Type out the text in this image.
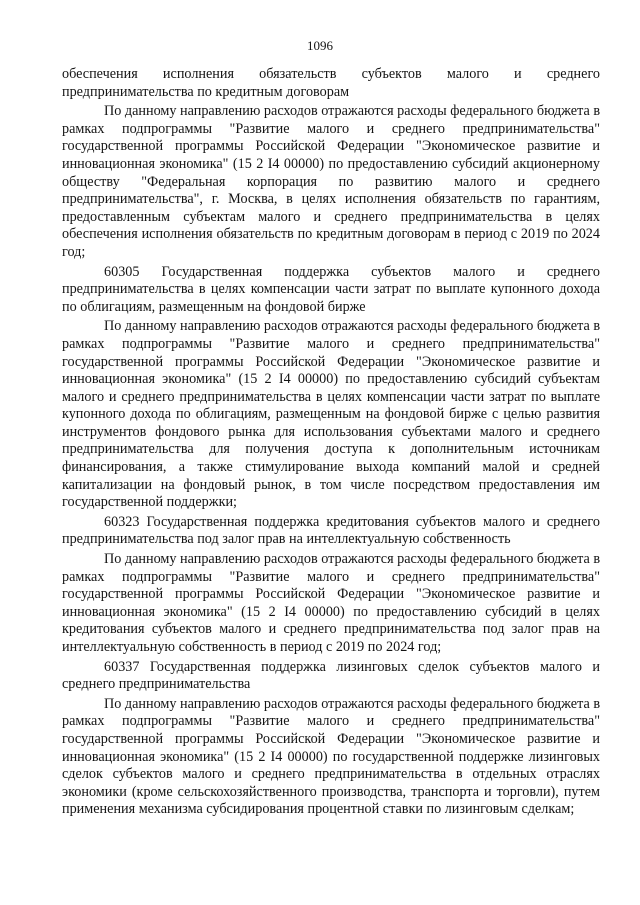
1096

обеспечения исполнения обязательств субъектов малого и среднего предпринимательства по кредитным договорам

По данному направлению расходов отражаются расходы федерального бюджета в рамках подпрограммы "Развитие малого и среднего предпринимательства" государственной программы Российской Федерации "Экономическое развитие и инновационная экономика" (15 2 I4 00000) по предоставлению субсидий акционерному обществу "Федеральная корпорация по развитию малого и среднего предпринимательства", г. Москва, в целях исполнения обязательств по гарантиям, предоставленным субъектам малого и среднего предпринимательства в целях обеспечения исполнения обязательств по кредитным договорам в период с 2019 по 2024 год;

60305 Государственная поддержка субъектов малого и среднего предпринимательства в целях компенсации части затрат по выплате купонного дохода по облигациям, размещенным на фондовой бирже

По данному направлению расходов отражаются расходы федерального бюджета в рамках подпрограммы "Развитие малого и среднего предпринимательства" государственной программы Российской Федерации "Экономическое развитие и инновационная экономика" (15 2 I4 00000) по предоставлению субсидий субъектам малого и среднего предпринимательства в целях компенсации части затрат по выплате купонного дохода по облигациям, размещенным на фондовой бирже с целью развития инструментов фондового рынка для использования субъектами малого и среднего предпринимательства для получения доступа к дополнительным источникам финансирования, а также стимулирование выхода компаний малой и средней капитализации на фондовый рынок, в том числе посредством предоставления им государственной поддержки;

60323 Государственная поддержка кредитования субъектов малого и среднего предпринимательства под залог прав на интеллектуальную собственность

По данному направлению расходов отражаются расходы федерального бюджета в рамках подпрограммы "Развитие малого и среднего предпринимательства" государственной программы Российской Федерации "Экономическое развитие и инновационная экономика" (15 2 I4 00000) по предоставлению субсидий в целях кредитования субъектов малого и среднего предпринимательства под залог прав на интеллектуальную собственность в период с 2019 по 2024 год;

60337 Государственная поддержка лизинговых сделок субъектов малого и среднего предпринимательства

По данному направлению расходов отражаются расходы федерального бюджета в рамках подпрограммы "Развитие малого и среднего предпринимательства" государственной программы Российской Федерации "Экономическое развитие и инновационная экономика" (15 2 I4 00000) по государственной поддержке лизинговых сделок субъектов малого и среднего предпринимательства в отдельных отраслях экономики (кроме сельскохозяйственного производства, транспорта и торговли), путем применения механизма субсидирования процентной ставки по лизинговым сделкам;
